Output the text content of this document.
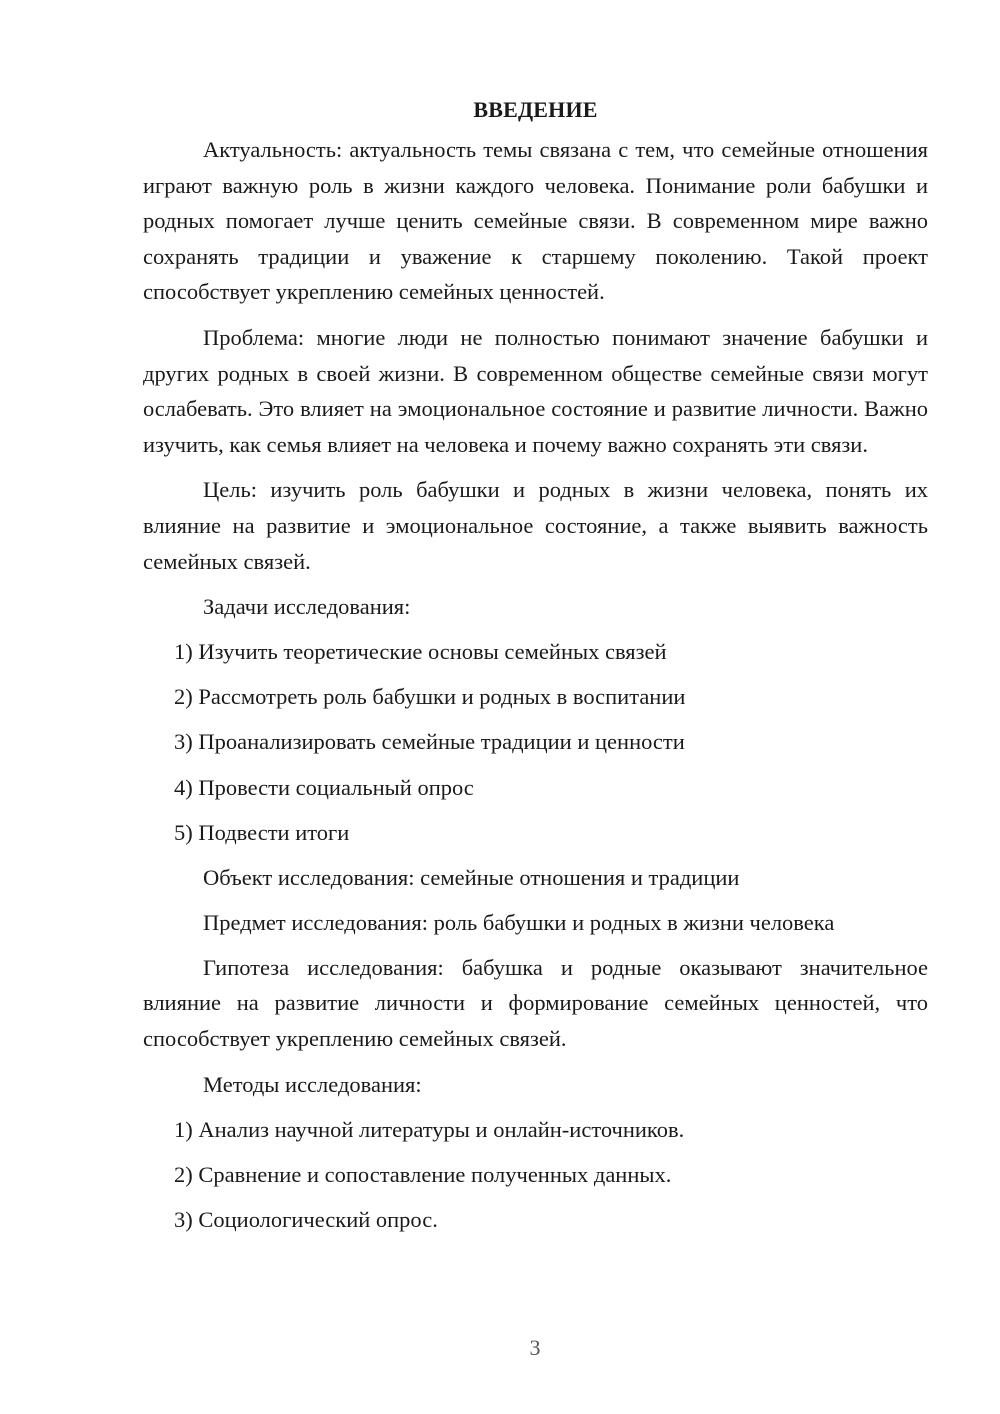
ВВЕДЕНИЕ

Актуальность: актуальность темы связана с тем, что семейные отношения играют важную роль в жизни каждого человека. Понимание роли бабушки и родных помогает лучше ценить семейные связи. В современном мире важно сохранять традиции и уважение к старшему поколению. Такой проект способствует укреплению семейных ценностей.

Проблема: многие люди не полностью понимают значение бабушки и других родных в своей жизни. В современном обществе семейные связи могут ослабевать. Это влияет на эмоциональное состояние и развитие личности. Важно изучить, как семья влияет на человека и почему важно сохранять эти связи.

Цель: изучить роль бабушки и родных в жизни человека, понять их влияние на развитие и эмоциональное состояние, а также выявить важность семейных связей.

Задачи исследования:
1) Изучить теоретические основы семейных связей
2) Рассмотреть роль бабушки и родных в воспитании
3) Проанализировать семейные традиции и ценности
4) Провести социальный опрос
5) Подвести итоги
Объект исследования: семейные отношения и традиции
Предмет исследования: роль бабушки и родных в жизни человека

Гипотеза исследования: бабушка и родные оказывают значительное влияние на развитие личности и формирование семейных ценностей, что способствует укреплению семейных связей.

Методы исследования:
1) Анализ научной литературы и онлайн-источников.
2) Сравнение и сопоставление полученных данных.
3) Социологический опрос.
3
